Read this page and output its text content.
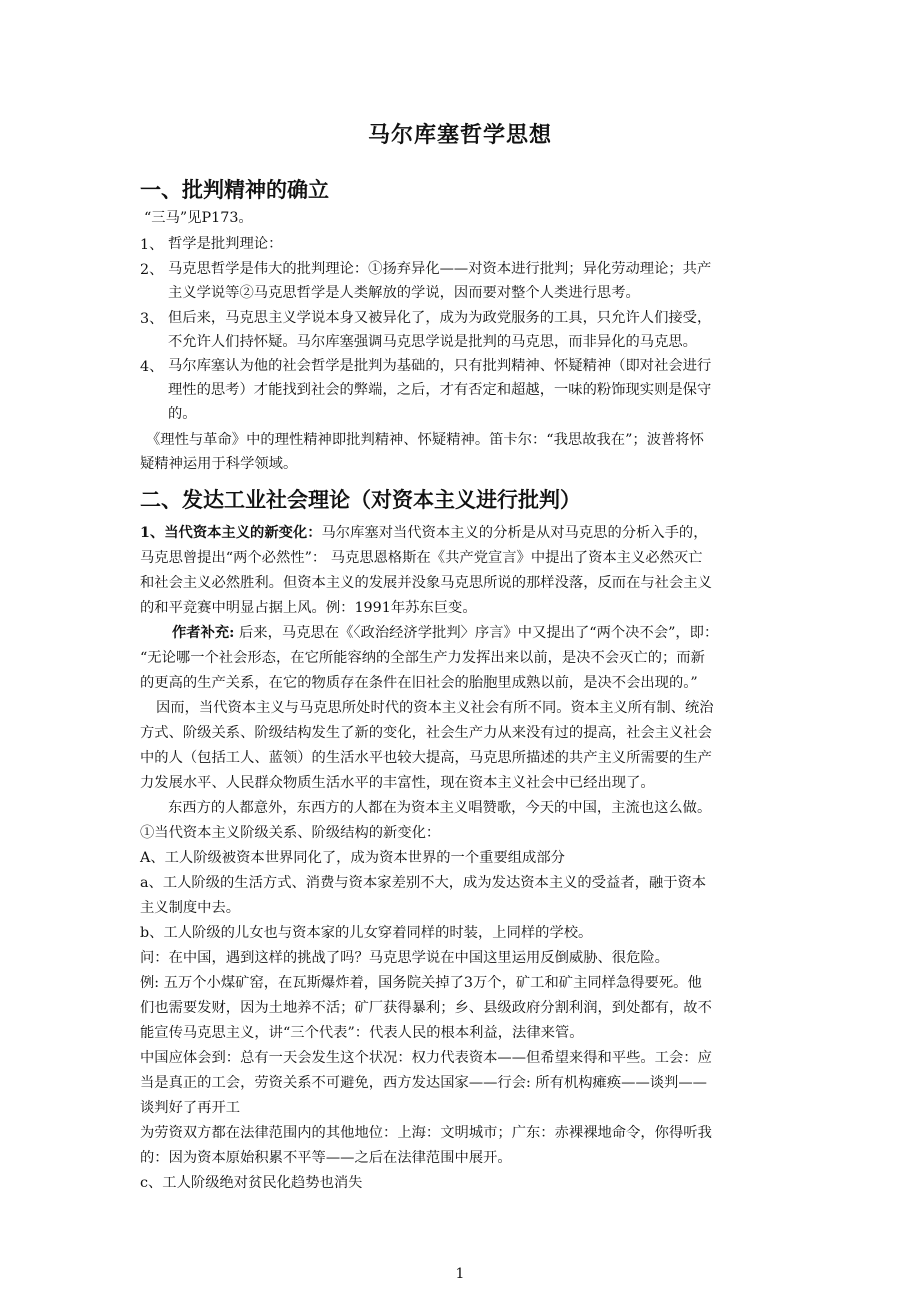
马尔库塞哲学思想
一、批判精神的确立
“三马”见P173。
1、 哲学是批判理论：
2、 马克思哲学是伟大的批判理论：①扬弃异化——对资本进行批判；异化劳动理论；共产
主义学说等②马克思哲学是人类解放的学说，因而要对整个人类进行思考。
3、 但后来，马克思主义学说本身又被异化了，成为为政党服务的工具，只允许人们接受，
不允许人们持怀疑。马尔库塞强调马克思学说是批判的马克思，而非异化的马克思。
4、 马尔库塞认为他的社会哲学是批判为基础的，只有批判精神、怀疑精神（即对社会进行
理性的思考）才能找到社会的弊端，之后，才有否定和超越，一味的粉饰现实则是保守
的。
《理性与革命》中的理性精神即批判精神、怀疑精神。笛卡尔：“我思故我在”；波普将怀
疑精神运用于科学领域。
二、发达工业社会理论（对资本主义进行批判）
1、当代资本主义的新变化：马尔库塞对当代资本主义的分析是从对马克思的分析入手的，
马克思曾提出“两个必然性”： 马克思恩格斯在《共产党宣言》中提出了资本主义必然灭亡
和社会主义必然胜利。但资本主义的发展并没象马克思所说的那样没落，反而在与社会主义
的和平竞赛中明显占据上风。例：1991年苏东巨变。
作者补充: 后来，马克思在《〈政治经济学批判〉序言》中又提出了“两个决不会”，即：
“无论哪一个社会形态，在它所能容纳的全部生产力发挥出来以前，是决不会灭亡的；而新
的更高的生产关系，在它的物质存在条件在旧社会的胎胞里成熟以前，是决不会出现的。”
因而，当代资本主义与马克思所处时代的资本主义社会有所不同。资本主义所有制、统治
方式、阶级关系、阶级结构发生了新的变化，社会生产力从来没有过的提高，社会主义社会
中的人（包括工人、蓝领）的生活水平也较大提高，马克思所描述的共产主义所需要的生产
力发展水平、人民群众物质生活水平的丰富性，现在资本主义社会中已经出现了。
东西方的人都意外，东西方的人都在为资本主义唱赞歌，今天的中国，主流也这么做。
①当代资本主义阶级关系、阶级结构的新变化：
A、工人阶级被资本世界同化了，成为资本世界的一个重要组成部分
a、工人阶级的生活方式、消费与资本家差别不大，成为发达资本主义的受益者，融于资本
主义制度中去。
b、工人阶级的儿女也与资本家的儿女穿着同样的时装，上同样的学校。
问：在中国，遇到这样的挑战了吗？马克思学说在中国这里运用反倒威胁、很危险。
例: 五万个小煤矿窑，在瓦斯爆炸着，国务院关掉了3万个，矿工和矿主同样急得要死。他
们也需要发财，因为土地养不活；矿厂获得暴利；乡、县级政府分割利润，到处都有，故不
能宣传马克思主义，讲“三个代表”：代表人民的根本利益，法律来管。
中国应体会到：总有一天会发生这个状况：权力代表资本——但希望来得和平些。工会：应
当是真正的工会，劳资关系不可避免，西方发达国家——行会: 所有机构瘫痪——谈判——
谈判好了再开工
为劳资双方都在法律范围内的其他地位：上海：文明城市；广东：赤裸裸地命令，你得听我
的：因为资本原始积累不平等——之后在法律范围中展开。
c、工人阶级绝对贫民化趋势也消失
1
